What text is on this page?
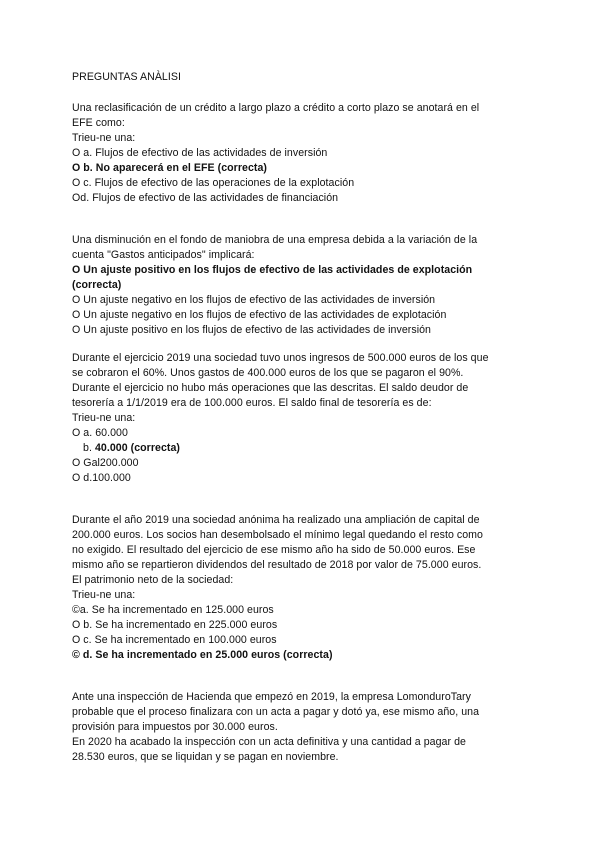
PREGUNTAS ANÀLISI
Una reclasificación de un crédito a largo plazo a crédito a corto plazo se anotará en el
EFE como:
Trieu-ne una:
O a. Flujos de efectivo de las actividades de inversión
O b. No aparecerá en el EFE (correcta)
O c. Flujos de efectivo de las operaciones de la explotación
Od. Flujos de efectivo de las actividades de financiación
Una disminución en el fondo de maniobra de una empresa debida a la variación de la
cuenta "Gastos anticipados" implicará:
O Un ajuste positivo en los flujos de efectivo de las actividades de explotación
(correcta)
O Un ajuste negativo en los flujos de efectivo de las actividades de inversión
O Un ajuste negativo en los flujos de efectivo de las actividades de explotación
O Un ajuste positivo en los flujos de efectivo de las actividades de inversión
Durante el ejercicio 2019 una sociedad tuvo unos ingresos de 500.000 euros de los que
se cobraron el 60%. Unos gastos de 400.000 euros de los que se pagaron el 90%.
Durante el ejercicio no hubo más operaciones que las descritas. El saldo deudor de
tesorería a 1/1/2019 era de 100.000 euros. El saldo final de tesorería es de:
Trieu-ne una:
O a. 60.000
b. 40.000 (correcta)
O Gal200.000
O d.100.000
Durante el año 2019 una sociedad anónima ha realizado una ampliación de capital de
200.000 euros. Los socios han desembolsado el mínimo legal quedando el resto como
no exigido. El resultado del ejercicio de ese mismo año ha sido de 50.000 euros. Ese
mismo año se repartieron dividendos del resultado de 2018 por valor de 75.000 euros.
El patrimonio neto de la sociedad:
Trieu-ne una:
©a. Se ha incrementado en 125.000 euros
O b. Se ha incrementado en 225.000 euros
O c. Se ha incrementado en 100.000 euros
© d. Se ha incrementado en 25.000 euros (correcta)
Ante una inspección de Hacienda que empezó en 2019, la empresa LomonduroTary
probable que el proceso finalizara con un acta a pagar y dotó ya, ese mismo año, una
provisión para impuestos por 30.000 euros.
En 2020 ha acabado la inspección con un acta definitiva y una cantidad a pagar de
28.530 euros, que se liquidan y se pagan en noviembre.
